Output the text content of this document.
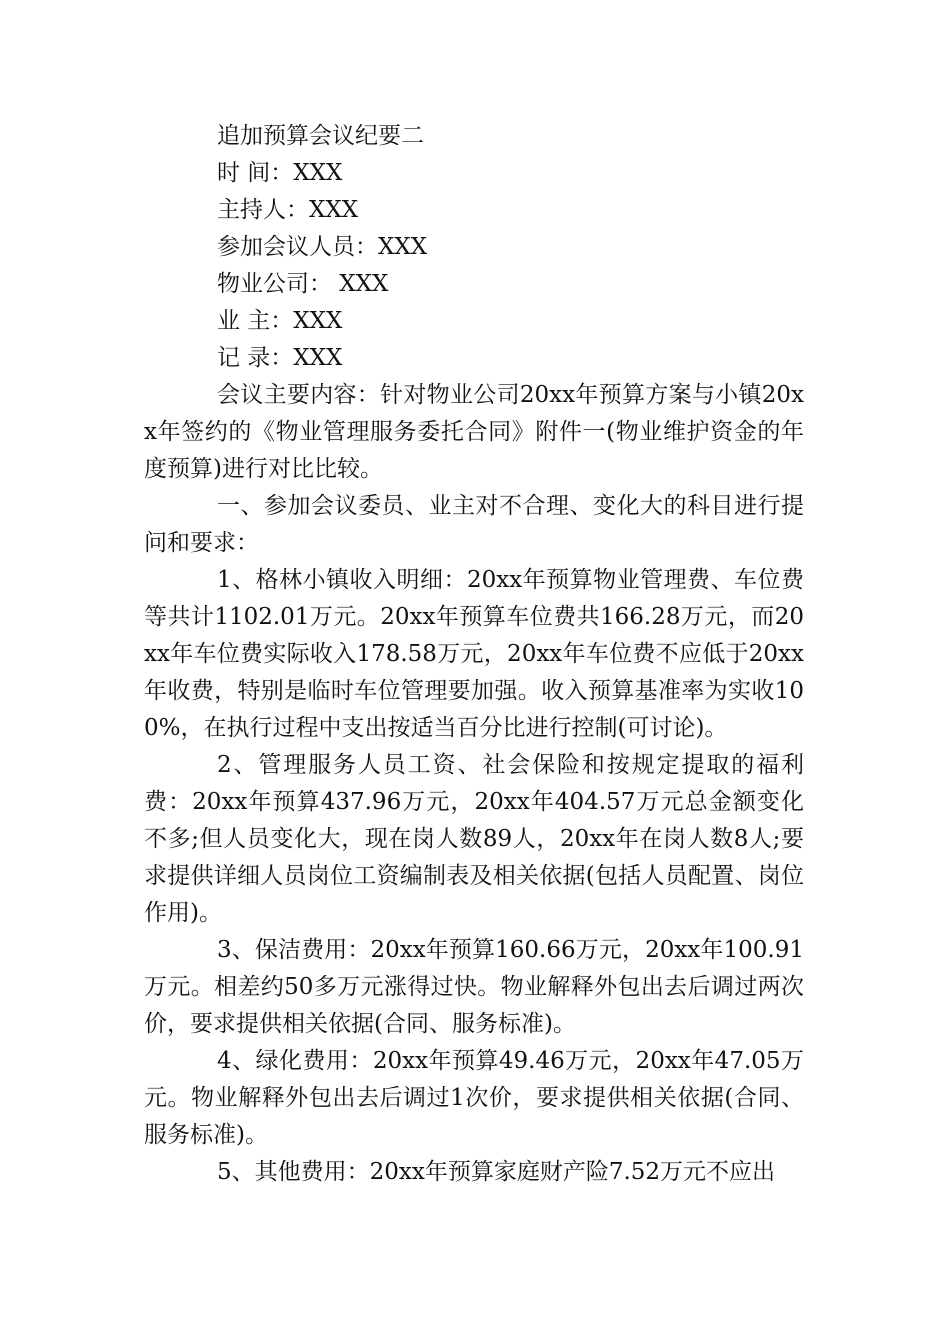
追加预算会议纪要二
时 间：XXX
主持人：XXX
参加会议人员：XXX
物业公司： XXX
业 主：XXX
记 录：XXX

会议主要内容：针对物业公司20xx年预算方案与小镇20xx年签约的《物业管理服务委托合同》附件一(物业维护资金的年度预算)进行对比比较。

一、参加会议委员、业主对不合理、变化大的科目进行提问和要求：

1、格林小镇收入明细：20xx年预算物业管理费、车位费等共计1102.01万元。20xx年预算车位费共166.28万元，而20xx年车位费实际收入178.58万元，20xx年车位费不应低于20xx年收费，特别是临时车位管理要加强。收入预算基准率为实收100%，在执行过程中支出按适当百分比进行控制(可讨论)。

2、管理服务人员工资、社会保险和按规定提取的福利费：20xx年预算437.96万元，20xx年404.57万元总金额变化不多;但人员变化大，现在岗人数89人，20xx年在岗人数8人;要求提供详细人员岗位工资编制表及相关依据(包括人员配置、岗位作用)。

3、保洁费用：20xx年预算160.66万元，20xx年100.91万元。相差约50多万元涨得过快。物业解释外包出去后调过两次价，要求提供相关依据(合同、服务标准)。

4、绿化费用：20xx年预算49.46万元，20xx年47.05万元。物业解释外包出去后调过1次价，要求提供相关依据(合同、服务标准)。

5、其他费用：20xx年预算家庭财产险7.52万元不应出
